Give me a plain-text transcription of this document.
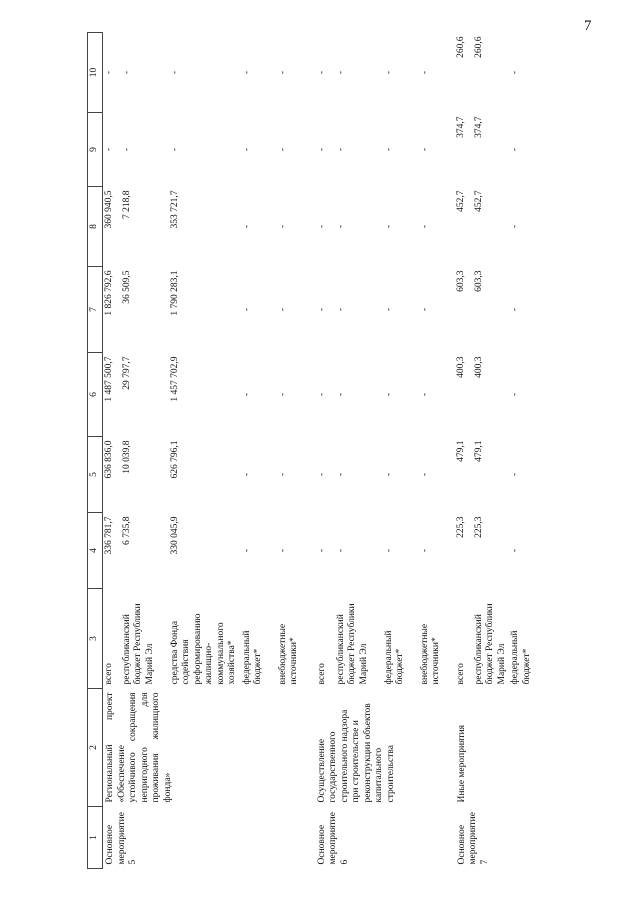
7
1	2	3	4	5	6	7	8	9	10
Основное мероприятие 5	Региональный проект «Обеспечение устойчивого сокращения непригодного для проживания жилищного фонда»	всего	336 781,7	636 836,0	1 487 500,7	1 826 792,6	360 940,5	-	-
		республиканский бюджет Республики Марий Эл	6 735,8	10 039,8	29 797,7	36 509,5	7 218,8	-	-
		средства Фонда содействия реформированию жилищно-коммунального хозяйства*	330 045,9	626 796,1	1 457 702,9	1 790 283,1	353 721,7	-	-
		федеральный бюджет*	-	-	-	-	-	-	-
		внебюджетные источники*	-	-	-	-	-	-	-
Основное мероприятие 6	Осуществление государственного строительного надзора при строительстве и реконструкции объектов капитального строительства	всего	-	-	-	-	-	-	-
		республиканский бюджет Республики Марий Эл	-	-	-	-	-	-	-
		федеральный бюджет*	-	-	-	-	-	-	-
		внебюджетные источники*	-	-	-	-	-	-	-
Основное мероприятие 7	Иные мероприятия	всего	225,3	479,1	400,3	603,3	452,7	374,7	260,6
		республиканский бюджет Республики Марий Эл	225,3	479,1	400,3	603,3	452,7	374,7	260,6
		федеральный бюджет*	-	-	-	-	-	-	-
